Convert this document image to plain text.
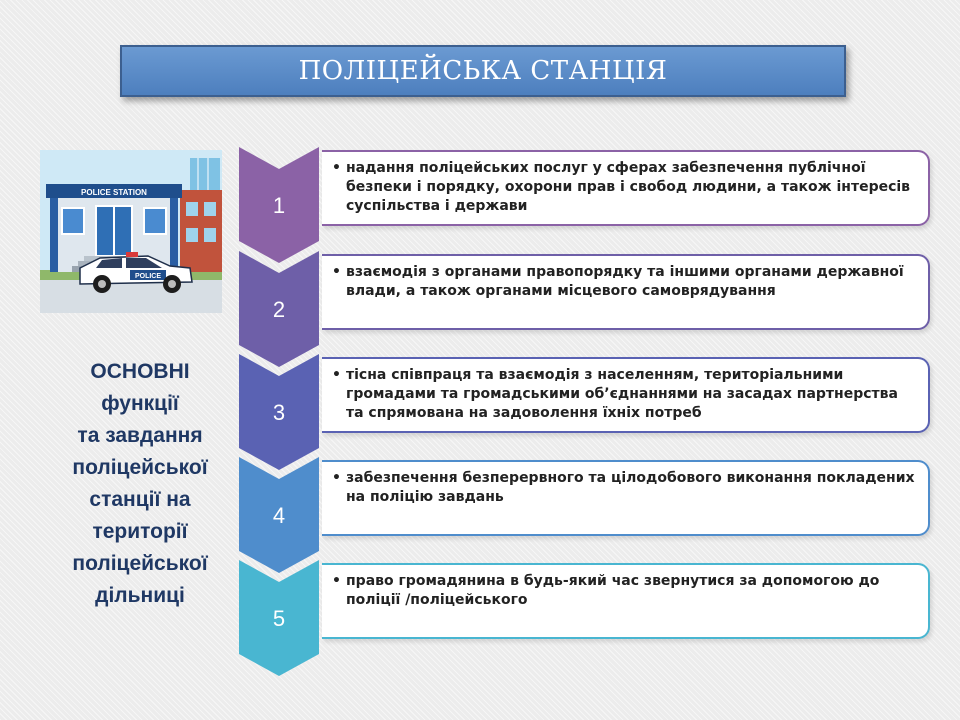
ПОЛІЦЕЙСЬКА СТАНЦІЯ
POLICE STATION
POLICE
ОСНОВНІ
функції
та завдання
поліцейської
станції на
території
поліцейської
дільниці
1
• надання поліцейських послуг у сферах забезпечення публічної безпеки і порядку, охорони прав і свобод людини, а також інтересів суспільства і держави
2
• взаємодія з органами правопорядку та іншими органами державної влади, а також органами місцевого самоврядування
3
• тісна співпраця та взаємодія з населенням, територіальними громадами та громадськими об’єднаннями на засадах партнерства та спрямована на задоволення їхніх потреб
4
• забезпечення безперервного та цілодобового виконання покладених на поліцію завдань
5
• право громадянина в будь-який час звернутися за допомогою до поліції /поліцейського
